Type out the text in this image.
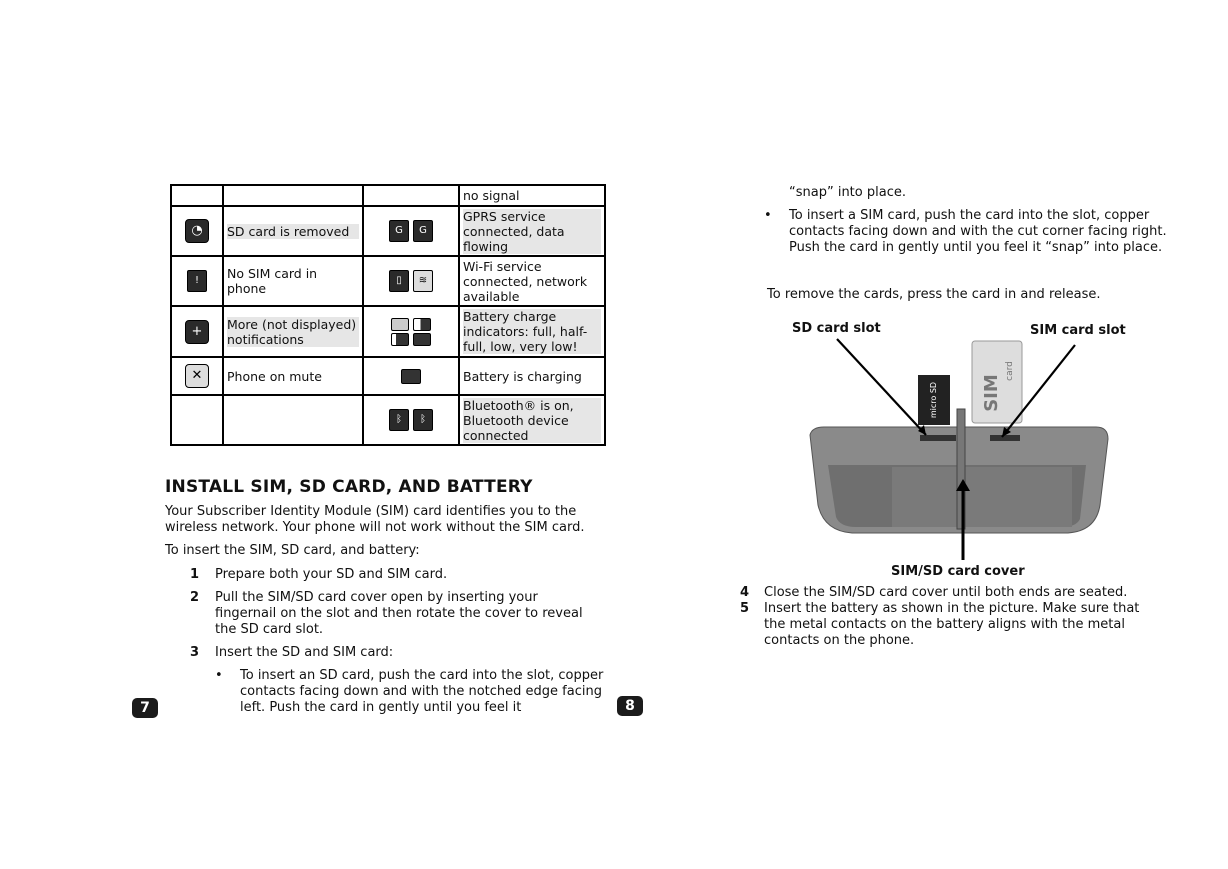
			no signal
◔	SD card is removed	G G	GPRS service connected, data flowing

!	No SIM card in phone	▯ ≋	Wi-Fi service connected, network available
+	More (not displayed) notifications		Battery charge indicators: full, half-full, low, very low!

✕	Phone on mute		Battery is charging
		ᛒ ᛒ	Bluetooth® is on, Bluetooth device connected
INSTALL SIM, SD CARD, AND BATTERY
Your Subscriber Identity Module (SIM) card identifies you to the wireless network. Your phone will not work without the SIM card.
To insert the SIM, SD card, and battery:
1 Prepare both your SD and SIM card.
2 Pull the SIM/SD card cover open by inserting your fingernail on the slot and then rotate the cover to reveal the SD card slot.
3 Insert the SD and SIM card:
• To insert an SD card, push the card into the slot, copper contacts facing down and with the notched edge facing left. Push the card in gently until you feel it
7	8
“snap” into place.
• To insert a SIM card, push the card into the slot, copper contacts facing down and with the cut corner facing right. Push the card in gently until you feel it “snap” into place.
To remove the cards, press the card in and release.
SD card slot	SIM card slot
SIM/SD card cover
SIM
card
micro SD
4 Close the SIM/SD card cover until both ends are seated.
5 Insert the battery as shown in the picture. Make sure that the metal contacts on the battery aligns with the metal contacts on the phone.
